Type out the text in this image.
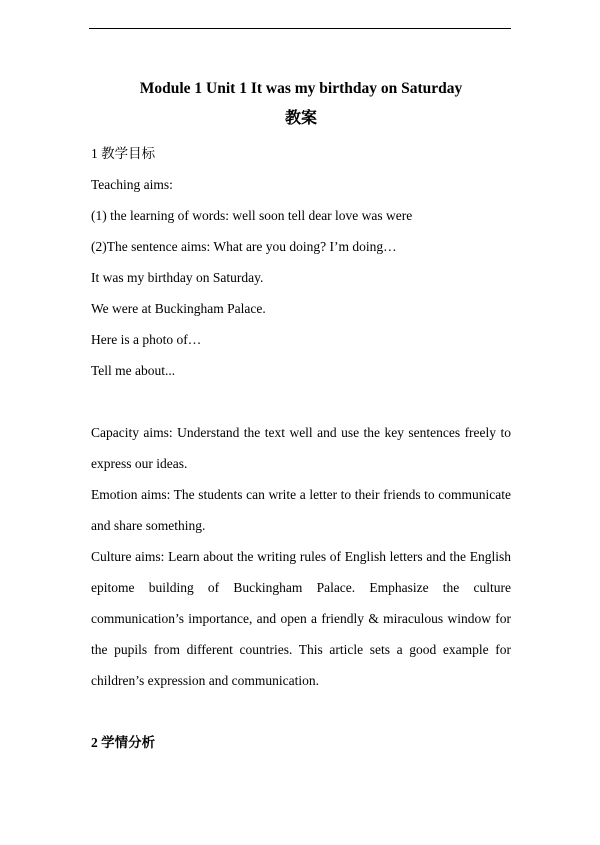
Module 1 Unit 1 It was my birthday on Saturday
教案
1 教学目标
Teaching aims:
(1) the learning of words: well soon tell dear love was were
(2)The sentence aims: What are you doing? I’m doing…
It was my birthday on Saturday.
We were at Buckingham Palace.
Here is a photo of…
Tell me about...

Capacity aims: Understand the text well and use the key sentences freely to express our ideas.

Emotion aims: The students can write a letter to their friends to communicate and share something.

Culture aims: Learn about the writing rules of English letters and the English epitome building of Buckingham Palace. Emphasize the culture communication’s importance, and open a friendly & miraculous window for the pupils from different countries. This article sets a good example for children’s expression and communication.

2 学情分析
